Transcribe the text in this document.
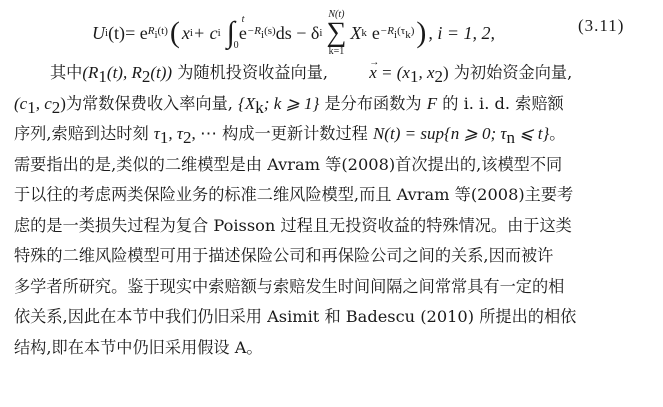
U i (t) = e Ri(t) ( x i + c i ∫ t
0
e −Ri(s) ds − δ i
N(t)
∑
k=1
X k e −Ri(τk) ) , i = 1, 2,	(3.11)
其中(R1(t), R2(t)) 为随机投资收益向量, → x = (x1, x2) 为初始资金向量,
(c1, c2)为常数保费收入率向量, {Xk; k ⩾ 1} 是分布函数为 F 的 i. i. d. 索赔额
序列,索赔到达时刻 τ1, τ2, ⋯ 构成一更新计数过程 N(t) = sup{n ⩾ 0; τn ⩽ t}。
需要指出的是,类似的二维模型是由 Avram 等(2008)首次提出的,该模型不同
于以往的考虑两类保险业务的标准二维风险模型,而且 Avram 等(2008)主要考
虑的是一类损失过程为复合 Poisson 过程且无投资收益的特殊情况。由于这类
特殊的二维风险模型可用于描述保险公司和再保险公司之间的关系,因而被许
多学者所研究。鉴于现实中索赔额与索赔发生时间间隔之间常常具有一定的相
依关系,因此在本节中我们仍旧采用 Asimit 和 Badescu (2010) 所提出的相依
结构,即在本节中仍旧采用假设 A。
